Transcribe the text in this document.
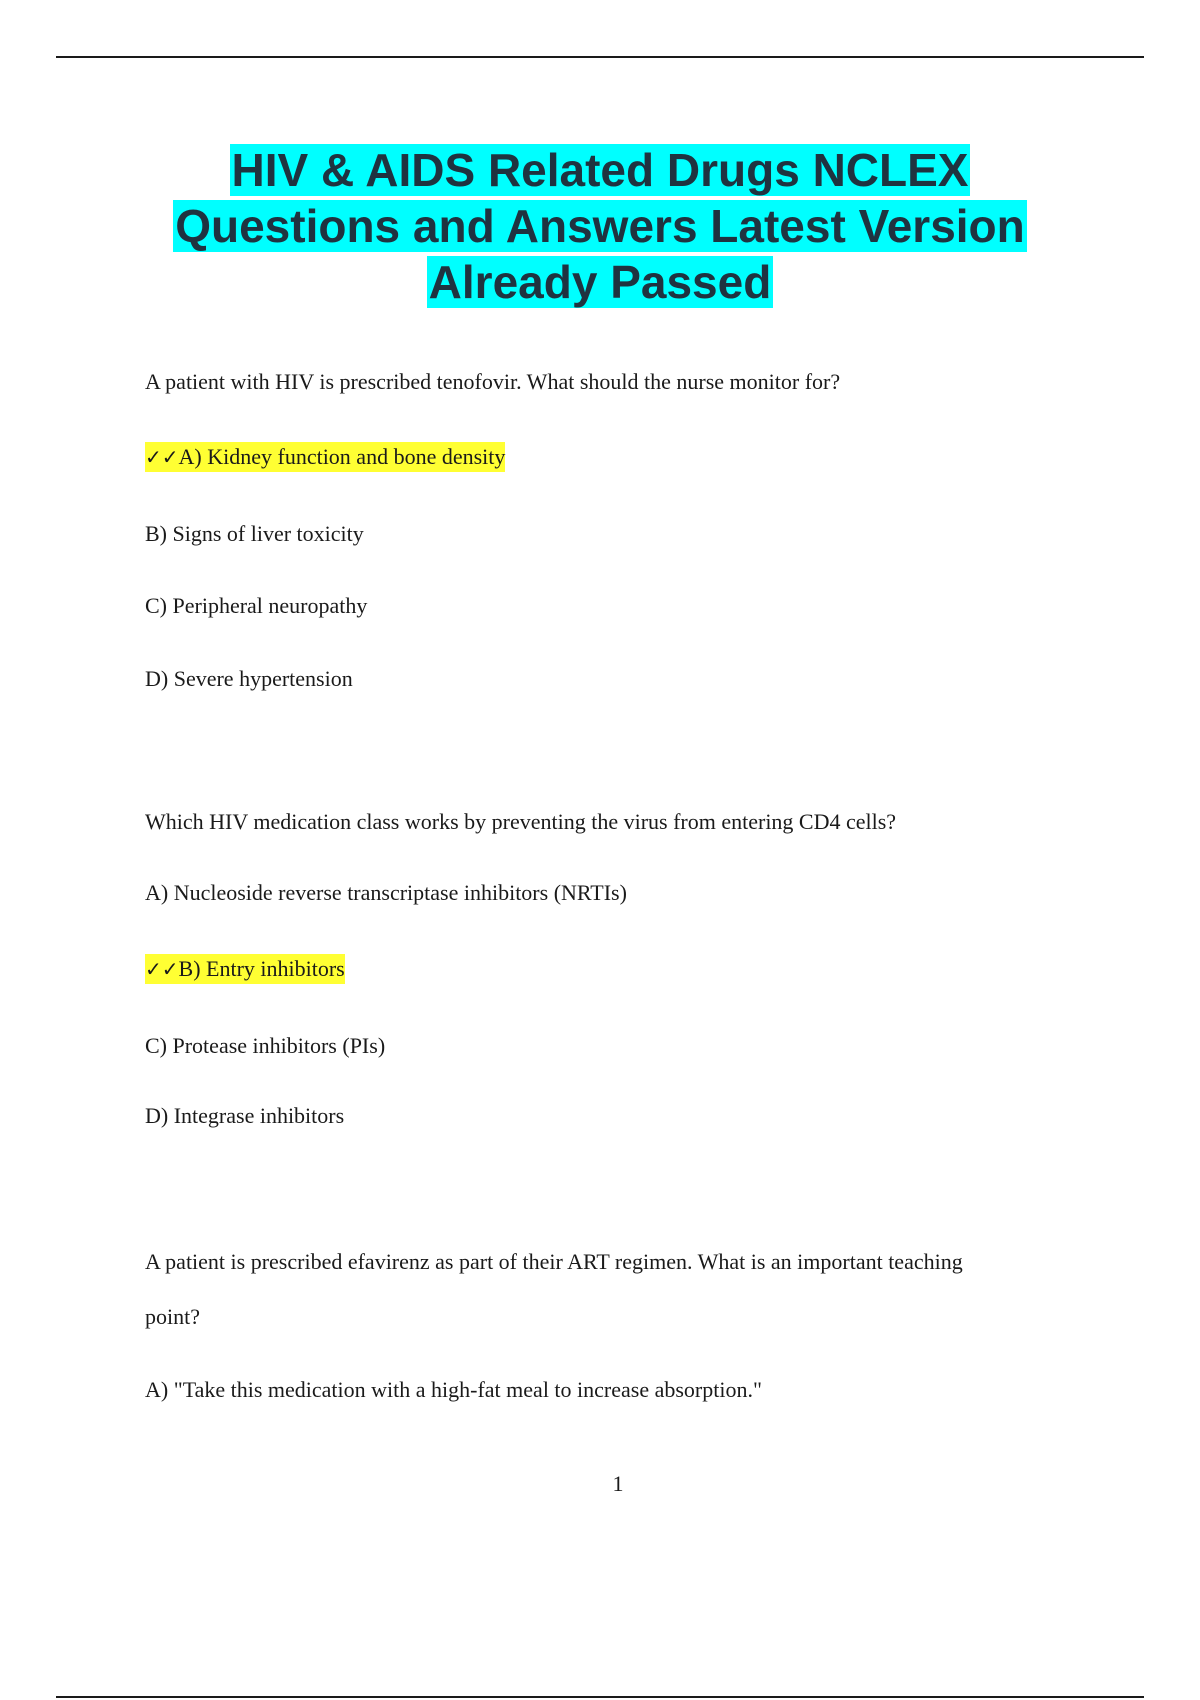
HIV & AIDS Related Drugs NCLEX
Questions and Answers Latest Version
Already Passed

A patient with HIV is prescribed tenofovir. What should the nurse monitor for?

✓✓A) Kidney function and bone density

B) Signs of liver toxicity

C) Peripheral neuropathy

D) Severe hypertension

Which HIV medication class works by preventing the virus from entering CD4 cells?

A) Nucleoside reverse transcriptase inhibitors (NRTIs)

✓✓B) Entry inhibitors

C) Protease inhibitors (PIs)

D) Integrase inhibitors

A patient is prescribed efavirenz as part of their ART regimen. What is an important teaching

point?

A) "Take this medication with a high-fat meal to increase absorption."

1
